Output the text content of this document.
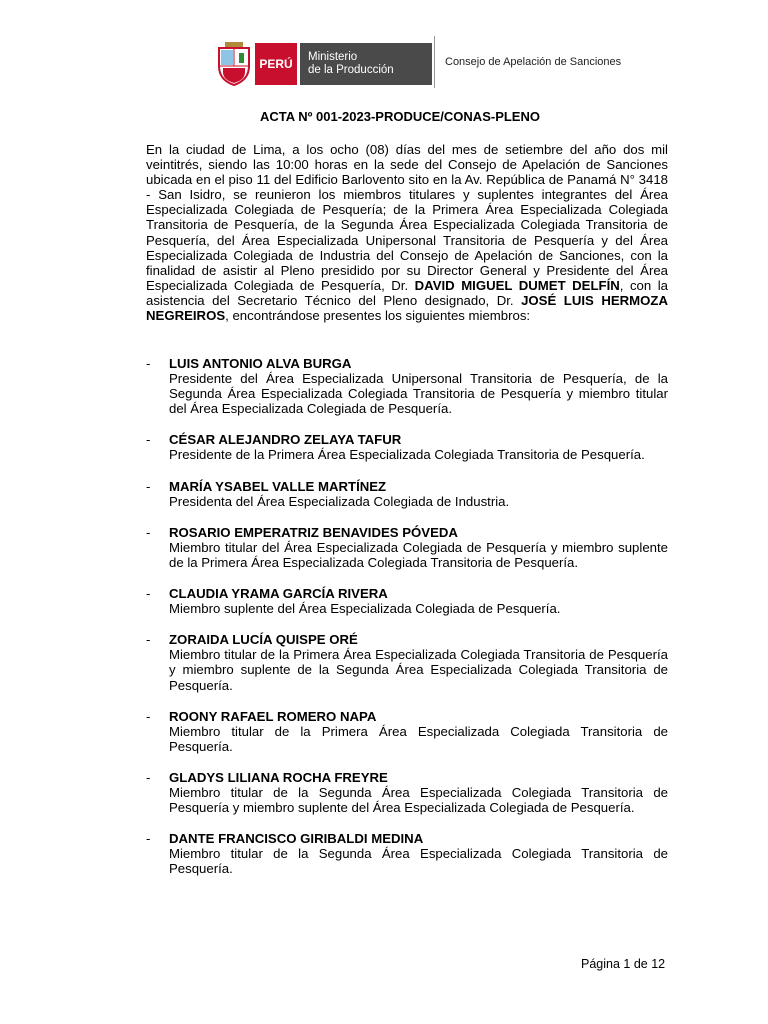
PERÚ Ministerio
de la Producción
Consejo de Apelación de Sanciones
ACTA Nº 001-2023-PRODUCE/CONAS-PLENO
En la ciudad de Lima, a los ocho (08) días del mes de setiembre del año dos mil veintitrés, siendo las 10:00 horas en la sede del Consejo de Apelación de Sanciones ubicada en el piso 11 del Edificio Barlovento sito en la Av. República de Panamá N° 3418 - San Isidro, se reunieron los miembros titulares y suplentes integrantes del Área Especializada Colegiada de Pesquería; de la Primera Área Especializada Colegiada Transitoria de Pesquería, de la Segunda Área Especializada Colegiada Transitoria de Pesquería, del Área Especializada Unipersonal Transitoria de Pesquería y del Área Especializada Colegiada de Industria del Consejo de Apelación de Sanciones, con la finalidad de asistir al Pleno presidido por su Director General y Presidente del Área Especializada Colegiada de Pesquería, Dr. DAVID MIGUEL DUMET DELFÍN, con la asistencia del Secretario Técnico del Pleno designado, Dr. JOSÉ LUIS HERMOZA NEGREIROS, encontrándose presentes los siguientes miembros:
- LUIS ANTONIO ALVA BURGA
Presidente del Área Especializada Unipersonal Transitoria de Pesquería, de la Segunda Área Especializada Colegiada Transitoria de Pesquería y miembro titular del Área Especializada Colegiada de Pesquería.
- CÉSAR ALEJANDRO ZELAYA TAFUR
Presidente de la Primera Área Especializada Colegiada Transitoria de Pesquería.
- MARÍA YSABEL VALLE MARTÍNEZ
Presidenta del Área Especializada Colegiada de Industria.
- ROSARIO EMPERATRIZ BENAVIDES PÓVEDA
Miembro titular del Área Especializada Colegiada de Pesquería y miembro suplente de la Primera Área Especializada Colegiada Transitoria de Pesquería.
- CLAUDIA YRAMA GARCÍA RIVERA
Miembro suplente del Área Especializada Colegiada de Pesquería.
- ZORAIDA LUCÍA QUISPE ORÉ
Miembro titular de la Primera Área Especializada Colegiada Transitoria de Pesquería y miembro suplente de la Segunda Área Especializada Colegiada Transitoria de Pesquería.
- ROONY RAFAEL ROMERO NAPA
Miembro titular de la Primera Área Especializada Colegiada Transitoria de Pesquería.
- GLADYS LILIANA ROCHA FREYRE
Miembro titular de la Segunda Área Especializada Colegiada Transitoria de Pesquería y miembro suplente del Área Especializada Colegiada de Pesquería.
- DANTE FRANCISCO GIRIBALDI MEDINA
Miembro titular de la Segunda Área Especializada Colegiada Transitoria de Pesquería.
Página 1 de 12
